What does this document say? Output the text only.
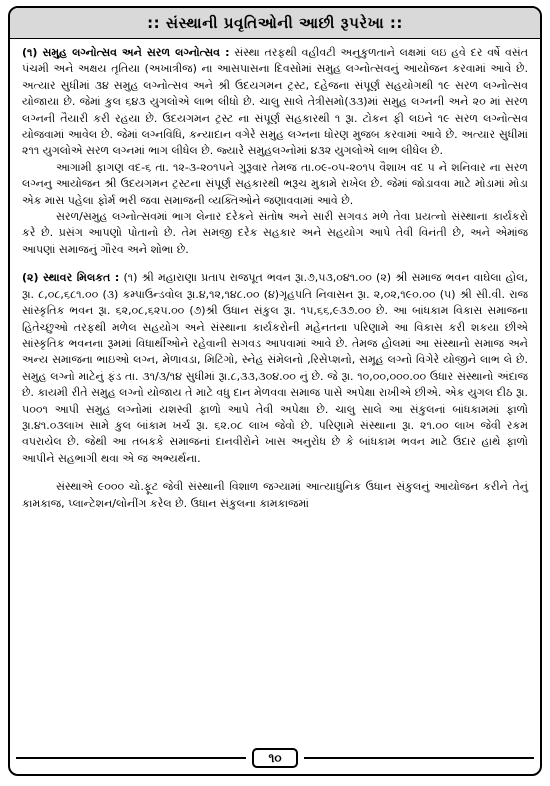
:: સંસ્થાની પ્રવૃતિઓની આછી રૂપરેખા ::

(૧) સમુહ લગ્નોત્સવ અને સરળ લગ્નોત્સવ : સંસ્થા તરફથી વહીવટી અનુકુળતાને લક્ષમાં લઇ હવે દર વર્ષે વસંત પંચમી અને અક્ષય તૃતિયા (અખાત્રીજ) ના આસપાસના દિવસોમાં સમુહ લગ્નોત્સવનું આયોજન કરવામાં આવે છે. અત્યાર સુધીમાં ૩૪ સમુહ લગ્નોત્સવ અને શ્રી ઉદયગમન ટ્રસ્ટ, દહેજના સંપૂર્ણ સહયોગથી ૧૯ સરળ લગ્નોત્સવ યોજાયા છે. જેમાં કુલ ૬૪૩ યુગલોએ લાભ લીધો છે. ચાલુ સાલે તેત્રીસમો(૩૩)માં સમુહ લગ્નની અને ૨૦ માં સરળ લગ્નની તૈયારી કરી રહયા છે. ઉદયગમન ટ્રસ્ટ ના સંપૂર્ણ સહકારથી ૧ રૂા. ટોકન ફી લઇને ૧૯ સરળ લગ્નોત્સવ યોજવામાં આવેલ છે. જેમાં લગ્નવિધિ, કન્યાદાન વગેરે સમુહ લગ્નના ધોરણ મુજબ કરવામાં આવે છે. અત્યાર સુધીમાં ૨૧૧ યુગલોએ સરળ લગ્નમાં ભાગ લીધેલ છે. જ્યારે સમુહલગ્નોમાં ૪૩૨ યુગલોએ લાભ લીધેલ છે.

આગામી ફાગણ વદ-૬ તા. ૧૨-૩-૨૦૧૫ને ગુરૂવાર તેમજ તા.૦૯-૦૫-૨૦૧૫ વૈશાખ વદ ૫ ને શનિવાર ના સરળ લગ્નનુ આયોજન શ્રી ઉદયગમન ટ્રસ્ટના સંપૂર્ણ સહકારથી ભરૂચ મુકામે રાખેલ છે. જેમાં જોડાવવા માટે મોડામાં મોડા એક માસ પહેલા ફોર્મ ભરી જવા સમાજની વ્યક્તિઓને જણાવવામાં આવે છે.

સરળ/સમુહ લગ્નોત્સવમાં ભાગ લેનાર દરેકને સંતોષ અને સારી સગવડ મળે તેવા પ્રયત્નો સંસ્થાના કાર્યકરો કરે છે. પ્રસંગ આપણો પોતાનો છે. તેમ સમજી દરેક સહકાર અને સહયોગ આપે તેવી વિનંતી છે, અને એમાંજ આપણાં સમાજનું ગૌરવ અને શોભા છે.

(૨) સ્થાવર મિલકત : (૧) શ્રી મહારાણા પ્રતાપ રાજપૂત ભવન રૂા.૭,૫૩,૦૪૧.૦૦ (૨) શ્રી સમાજ ભવન વાઘેલા હોલ, રૂા. ૮,૦૮,૬૮૧.૦૦ (૩) કમ્પાઉન્ડવોલ રૂા.૪,૧૨,૧૪૮.૦૦ (૪)ગૃહપતિ નિવાસન રૂા. ૨,૦૨,૧૯૦.૦૦ (૫) શ્રી સી.વી. રાજ સાંસ્કૃતિક ભવન રૂા. ૬૨,૦૮,૬૨૫.૦૦ (૭)શ્રી ઉધાન સંકુલ રૂા. ૧૫,૬૬,૯૩૭.૦૦ છે. આ બાંધકામ વિકાસ સમાજના હિતેચ્છુઓ તરફથી મળેલ સહયોગ અને સંસ્થાના કાર્યકરોની મહેનતના પરિણામે આ વિકાસ કરી શકયા છીએ સાંસ્કૃતિક ભવનના રૂમમાં વિધાર્થીઓને રહેવાની સગવડ આપવામાં આવે છે. તેમજ હોલમાં આ સંસ્થાનો સમાજ અને અન્ય સમાજના ભાઇઓ લગ્ન, મેળાવડા, મિટિંગો, સ્નેહ સંમેલનો ,રિસેપ્શનો, સમૂહ લગ્નો વિગેરે યોજીને લાભ લે છે. સમુહ લગ્નો માટેનું ફંડ તા. ૩૧/૩/૧૪ સુધીમાં રૂા.૮,૩૩,૩૦૪.૦૦ નું છે. જે રૂા. ૧૦,૦૦,૦૦૦.૦૦ ઉધાર સંસ્થાનો અંદાજ છે. કાયમી રીતે સમુહ લગ્નો યોજાય તે માટે વધુ દાન મેળવવા સમાજ પાસે અપેક્ષા રાખીએ છીએ. એક યુગલ દીઠ રૂા. ૫૦૦૧ આપી સમુહ લગ્નોમાં યશસ્વી ફાળો આપે તેવી અપેક્ષા છે. ચાલુ સાલે આ સંકુલનાં બાંધકામમાં ફાળો રૂા.૪૧.૦૩લાખ સામે કુલ બાંકામ ખર્ચ રૂા. ૬૨.૦૮ લાખ જેવો છે. પરિણામે સંસ્થાના રૂા. ૨૧.૦૦ લાખ જેવી રકમ વપરાયેલ છે. જેથી આ તબકકે સમાજનાં દાનવીરોને ખાસ અનુરોધ છે કે બાંધકામ ભવન માટે ઉદાર હાથે ફાળો આપીને સહભાગી થવા એ જ અભ્યર્થના.

સંસ્થાએ ૯૦૦૦ ચો.ફૂટ જેવી સંસ્થાની વિશાળ જગ્યામાં આત્યાધુનિક ઉધાન સંકુલનું આયોજન કરીને તેનું કામકાજ, પ્લાન્ટેશન/લોનીંગ કરેલ છે. ઉધાન સંકુલના કામકાજમાં

૧૦
